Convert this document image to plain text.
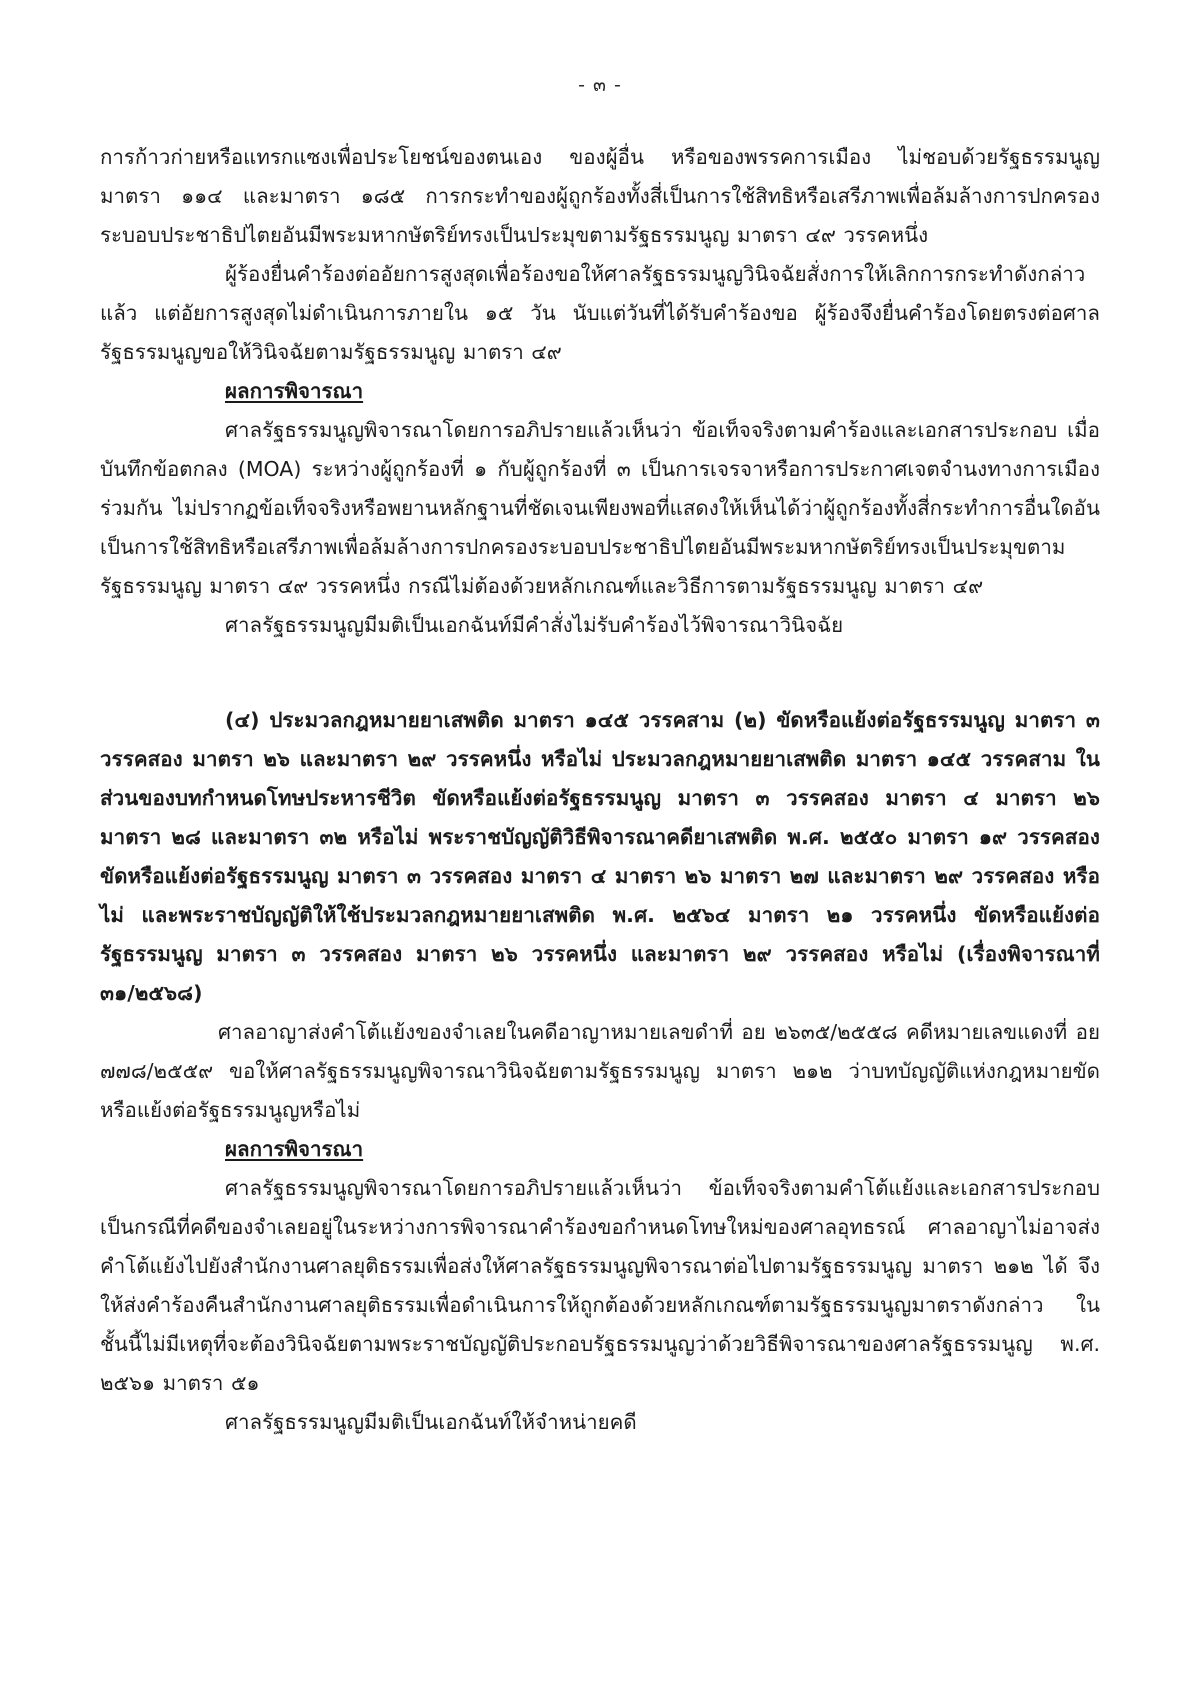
- ๓ -

การก้าวก่ายหรือแทรกแซงเพื่อประโยชน์ของตนเอง ของผู้อื่น หรือของพรรคการเมือง ไม่ชอบด้วยรัฐธรรมนูญ มาตรา ๑๑๔ และมาตรา ๑๘๕ การกระทำของผู้ถูกร้องทั้งสี่เป็นการใช้สิทธิหรือเสรีภาพเพื่อล้มล้างการปกครองระบอบประชาธิปไตยอันมีพระมหากษัตริย์ทรงเป็นประมุขตามรัฐธรรมนูญ มาตรา ๔๙ วรรคหนึ่ง

ผู้ร้องยื่นคำร้องต่ออัยการสูงสุดเพื่อร้องขอให้ศาลรัฐธรรมนูญวินิจฉัยสั่งการให้เลิกการกระทำดังกล่าวแล้ว แต่อัยการสูงสุดไม่ดำเนินการภายใน ๑๕ วัน นับแต่วันที่ได้รับคำร้องขอ ผู้ร้องจึงยื่นคำร้องโดยตรงต่อศาลรัฐธรรมนูญขอให้วินิจฉัยตามรัฐธรรมนูญ มาตรา ๔๙

ผลการพิจารณา

ศาลรัฐธรรมนูญพิจารณาโดยการอภิปรายแล้วเห็นว่า ข้อเท็จจริงตามคำร้องและเอกสารประกอบ เมื่อบันทึกข้อตกลง (MOA) ระหว่างผู้ถูกร้องที่ ๑ กับผู้ถูกร้องที่ ๓ เป็นการเจรจาหรือการประกาศเจตจำนงทางการเมืองร่วมกัน ไม่ปรากฏข้อเท็จจริงหรือพยานหลักฐานที่ชัดเจนเพียงพอที่แสดงให้เห็นได้ว่าผู้ถูกร้องทั้งสี่กระทำการอื่นใดอันเป็นการใช้สิทธิหรือเสรีภาพเพื่อล้มล้างการปกครองระบอบประชาธิปไตยอันมีพระมหากษัตริย์ทรงเป็นประมุขตามรัฐธรรมนูญ มาตรา ๔๙ วรรคหนึ่ง กรณีไม่ต้องด้วยหลักเกณฑ์และวิธีการตามรัฐธรรมนูญ มาตรา ๔๙

ศาลรัฐธรรมนูญมีมติเป็นเอกฉันท์มีคำสั่งไม่รับคำร้องไว้พิจารณาวินิจฉัย

(๔) ประมวลกฎหมายยาเสพติด มาตรา ๑๔๕ วรรคสาม (๒) ขัดหรือแย้งต่อรัฐธรรมนูญ มาตรา ๓ วรรคสอง มาตรา ๒๖ และมาตรา ๒๙ วรรคหนึ่ง หรือไม่ ประมวลกฎหมายยาเสพติด มาตรา ๑๔๕ วรรคสาม ในส่วนของบทกำหนดโทษประหารชีวิต ขัดหรือแย้งต่อรัฐธรรมนูญ มาตรา ๓ วรรคสอง มาตรา ๔ มาตรา ๒๖ มาตรา ๒๘ และมาตรา ๓๒ หรือไม่ พระราชบัญญัติวิธีพิจารณาคดียาเสพติด พ.ศ. ๒๕๕๐ มาตรา ๑๙ วรรคสอง ขัดหรือแย้งต่อรัฐธรรมนูญ มาตรา ๓ วรรคสอง มาตรา ๔ มาตรา ๒๖ มาตรา ๒๗ และมาตรา ๒๙ วรรคสอง หรือไม่ และพระราชบัญญัติให้ใช้ประมวลกฎหมายยาเสพติด พ.ศ. ๒๕๖๔ มาตรา ๒๑ วรรคหนึ่ง ขัดหรือแย้งต่อรัฐธรรมนูญ มาตรา ๓ วรรคสอง มาตรา ๒๖ วรรคหนึ่ง และมาตรา ๒๙ วรรคสอง หรือไม่ (เรื่องพิจารณาที่ ๓๑/๒๕๖๘)

ศาลอาญาส่งคำโต้แย้งของจำเลยในคดีอาญาหมายเลขดำที่ อย ๒๖๓๕/๒๕๕๘ คดีหมายเลขแดงที่ อย ๗๗๘/๒๕๕๙ ขอให้ศาลรัฐธรรมนูญพิจารณาวินิจฉัยตามรัฐธรรมนูญ มาตรา ๒๑๒ ว่าบทบัญญัติแห่งกฎหมายขัดหรือแย้งต่อรัฐธรรมนูญหรือไม่

ผลการพิจารณา

ศาลรัฐธรรมนูญพิจารณาโดยการอภิปรายแล้วเห็นว่า ข้อเท็จจริงตามคำโต้แย้งและเอกสารประกอบเป็นกรณีที่คดีของจำเลยอยู่ในระหว่างการพิจารณาคำร้องขอกำหนดโทษใหม่ของศาลอุทธรณ์ ศาลอาญาไม่อาจส่งคำโต้แย้งไปยังสำนักงานศาลยุติธรรมเพื่อส่งให้ศาลรัฐธรรมนูญพิจารณาต่อไปตามรัฐธรรมนูญ มาตรา ๒๑๒ ได้ จึงให้ส่งคำร้องคืนสำนักงานศาลยุติธรรมเพื่อดำเนินการให้ถูกต้องด้วยหลักเกณฑ์ตามรัฐธรรมนูญมาตราดังกล่าว ในชั้นนี้ไม่มีเหตุที่จะต้องวินิจฉัยตามพระราชบัญญัติประกอบรัฐธรรมนูญว่าด้วยวิธีพิจารณาของศาลรัฐธรรมนูญ พ.ศ. ๒๕๖๑ มาตรา ๕๑

ศาลรัฐธรรมนูญมีมติเป็นเอกฉันท์ให้จำหน่ายคดี
